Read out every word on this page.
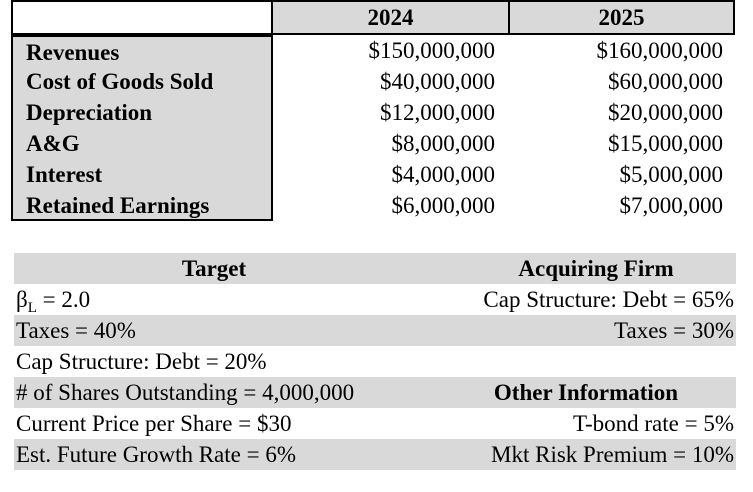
2024	2025
Revenues	$150,000,000	$160,000,000
Cost of Goods Sold	$40,000,000	$60,000,000
Depreciation	$12,000,000	$20,000,000
A&G	$8,000,000	$15,000,000
Interest	$4,000,000	$5,000,000
Retained Earnings	$6,000,000	$7,000,000
Target	Acquiring Firm
$\beta_L = 2.0$	Cap Structure: Debt = 65%
Taxes = 40%	Taxes = 30%
Cap Structure: Debt = 20%
# of Shares Outstanding = 4,000,000	Other Information
Current Price per Share = $30	T-bond rate = 5%
Est. Future Growth Rate = 6%	Mkt Risk Premium = 10%
